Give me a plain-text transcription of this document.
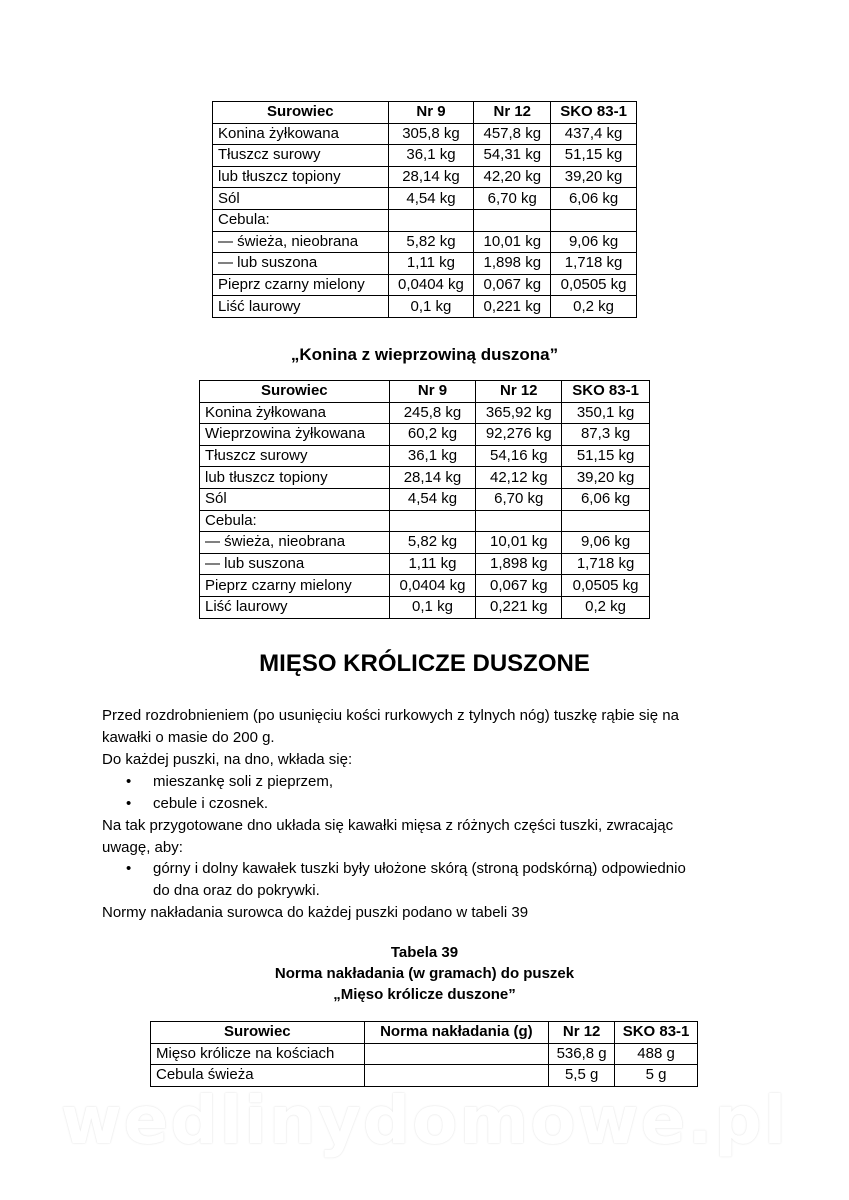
Surowiec	Nr 9	Nr 12	SKO 83-1
Konina żyłkowana	305,8 kg	457,8 kg	437,4 kg
Tłuszcz surowy	36,1 kg	54,31 kg	51,15 kg
lub tłuszcz topiony	28,14 kg	42,20 kg	39,20 kg
Sól	4,54 kg	6,70 kg	6,06 kg
Cebula:			
— świeża, nieobrana	5,82 kg	10,01 kg	9,06 kg
— lub suszona	1,11 kg	1,898 kg	1,718 kg
Pieprz czarny mielony	0,0404 kg	0,067 kg	0,0505 kg
Liść laurowy	0,1 kg	0,221 kg	0,2 kg
„Konina z wieprzowiną duszona”
Surowiec	Nr 9	Nr 12	SKO 83-1
Konina żyłkowana	245,8 kg	365,92 kg	350,1 kg
Wieprzowina żyłkowana	60,2 kg	92,276 kg	87,3 kg
Tłuszcz surowy	36,1 kg	54,16 kg	51,15 kg
lub tłuszcz topiony	28,14 kg	42,12 kg	39,20 kg
Sól	4,54 kg	6,70 kg	6,06 kg
Cebula:			
— świeża, nieobrana	5,82 kg	10,01 kg	9,06 kg
— lub suszona	1,11 kg	1,898 kg	1,718 kg
Pieprz czarny mielony	0,0404 kg	0,067 kg	0,0505 kg
Liść laurowy	0,1 kg	0,221 kg	0,2 kg
MIĘSO KRÓLICZE DUSZONE
Przed rozdrobnieniem (po usunięciu kości rurkowych z tylnych nóg) tuszkę rąbie się na
kawałki o masie do 200 g.
Do każdej puszki, na dno, wkłada się:
• mieszankę soli z pieprzem,
• cebule i czosnek.
Na tak przygotowane dno układa się kawałki mięsa z różnych części tuszki, zwracając
uwagę, aby:
• górny i dolny kawałek tuszki były ułożone skórą (stroną podskórną) odpowiednio
do dna oraz do pokrywki.
Normy nakładania surowca do każdej puszki podano w tabeli 39
Tabela 39
Norma nakładania (w gramach) do puszek
„Mięso królicze duszone”
Surowiec	Norma nakładania (g)	Nr 12	SKO 83-1
Mięso królicze na kościach		536,8 g	488 g
Cebula świeża		5,5 g	5 g
wedlinydomowe.pl
